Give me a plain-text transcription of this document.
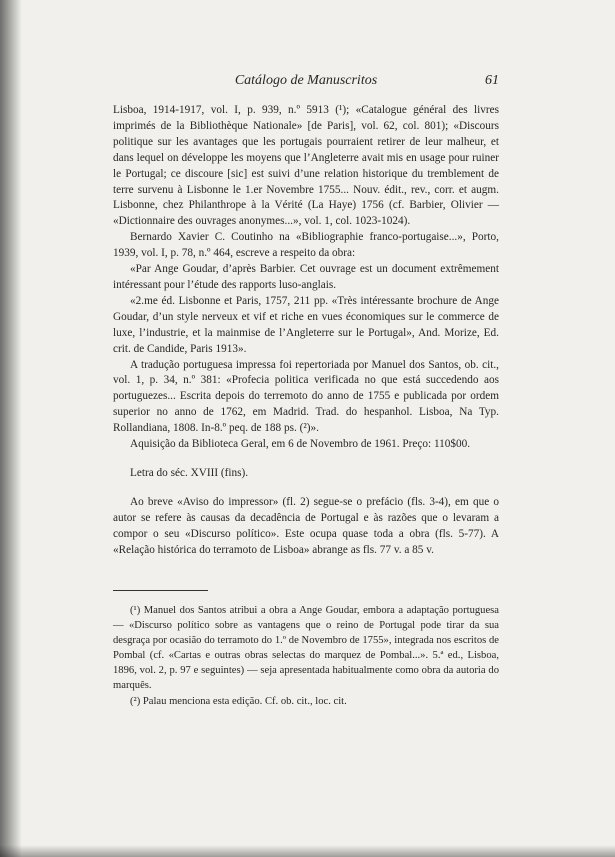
Catálogo de Manuscritos	61

Lisboa, 1914-1917, vol. I, p. 939, n.º 5913 (¹); «Catalogue général des livres imprimés de la Bibliothèque Nationale» [de Paris], vol. 62, col. 801); «Discours politique sur les avantages que les portugais pourraient retirer de leur malheur, et dans lequel on développe les moyens que l’Angleterre avait mis en usage pour ruiner le Portugal; ce discoure [sic] est suivi d’une relation historique du tremblement de terre survenu à Lisbonne le 1.er Novembre 1755... Nouv. édit., rev., corr. et augm. Lisbonne, chez Philanthrope à la Vérité (La Haye) 1756 (cf. Barbier, Olivier — «Dictionnaire des ouvrages anonymes...», vol. 1, col. 1023-1024).

Bernardo Xavier C. Coutinho na «Bibliographie franco-portugaise...», Porto, 1939, vol. I, p. 78, n.º 464, escreve a respeito da obra:

«Par Ange Goudar, d’après Barbier. Cet ouvrage est un document extrêmement intéressant pour l’étude des rapports luso-anglais.

«2.me éd. Lisbonne et Paris, 1757, 211 pp. «Très intéressante brochure de Ange Goudar, d’un style nerveux et vif et riche en vues économiques sur le commerce de luxe, l’industrie, et la mainmise de l’Angleterre sur le Portugal», And. Morize, Ed. crit. de Candide, Paris 1913».

A tradução portuguesa impressa foi repertoriada por Manuel dos Santos, ob. cit., vol. 1, p. 34, n.º 381: «Profecia politica verificada no que está succedendo aos portuguezes... Escrita depois do terremoto do anno de 1755 e publicada por ordem superior no anno de 1762, em Madrid. Trad. do hespanhol. Lisboa, Na Typ. Rollandiana, 1808. In-8.º peq. de 188 ps. (²)».

Aquisição da Biblioteca Geral, em 6 de Novembro de 1961. Preço: 110$00.

Letra do séc. XVIII (fins).

Ao breve «Aviso do impressor» (fl. 2) segue-se o prefácio (fls. 3-4), em que o autor se refere às causas da decadência de Portugal e às razões que o levaram a compor o seu «Discurso político». Este ocupa quase toda a obra (fls. 5-77). A «Relação histórica do terramoto de Lisboa» abrange as fls. 77 v. a 85 v.

(¹) Manuel dos Santos atribui a obra a Ange Goudar, embora a adaptação portuguesa — «Discurso político sobre as vantagens que o reino de Portugal pode tirar da sua desgraça por ocasião do terramoto do 1.º de Novembro de 1755», integrada nos escritos de Pombal (cf. «Cartas e outras obras selectas do marquez de Pombal...». 5.ª ed., Lisboa, 1896, vol. 2, p. 97 e seguintes) — seja apresentada habitualmente como obra da autoria do marquês.

(²) Palau menciona esta edição. Cf. ob. cit., loc. cit.
